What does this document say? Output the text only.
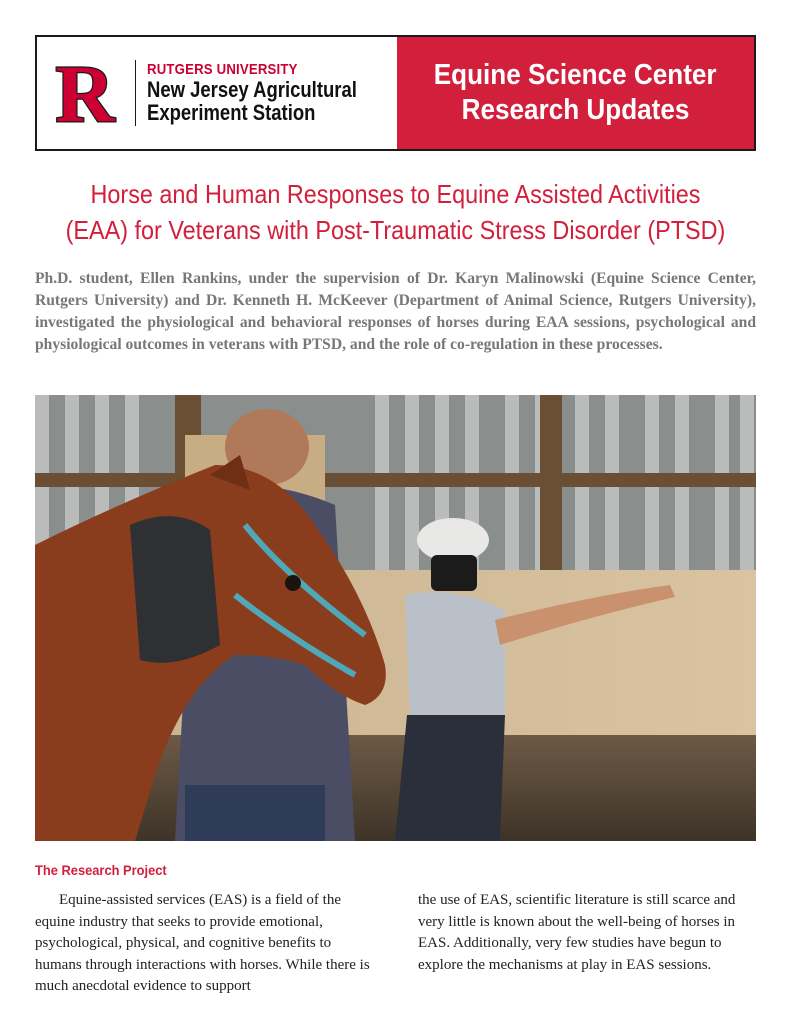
R RUTGERS UNIVERSITY
New Jersey Agricultural
Experiment Station
Equine Science Center
Research Updates
Horse and Human Responses to Equine Assisted Activities
(EAA) for Veterans with Post-Traumatic Stress Disorder (PTSD)
Ph.D. student, Ellen Rankins, under the supervision of Dr. Karyn Malinowski (Equine Science Center, Rutgers University) and Dr. Kenneth H. McKeever (Department of Animal Science, Rutgers University), investigated the physiological and behavioral responses of horses during EAA sessions, psychological and physiological outcomes in veterans with PTSD, and the role of co-regulation in these processes.
The Research Project
Equine-assisted services (EAS) is a field of the equine industry that seeks to provide emotional, psychological, physical, and cognitive benefits to humans through interactions with horses. While there is much anecdotal evidence to support
the use of EAS, scientific literature is still scarce and very little is known about the well-being of horses in EAS. Additionally, very few studies have begun to explore the mechanisms at play in EAS sessions.
